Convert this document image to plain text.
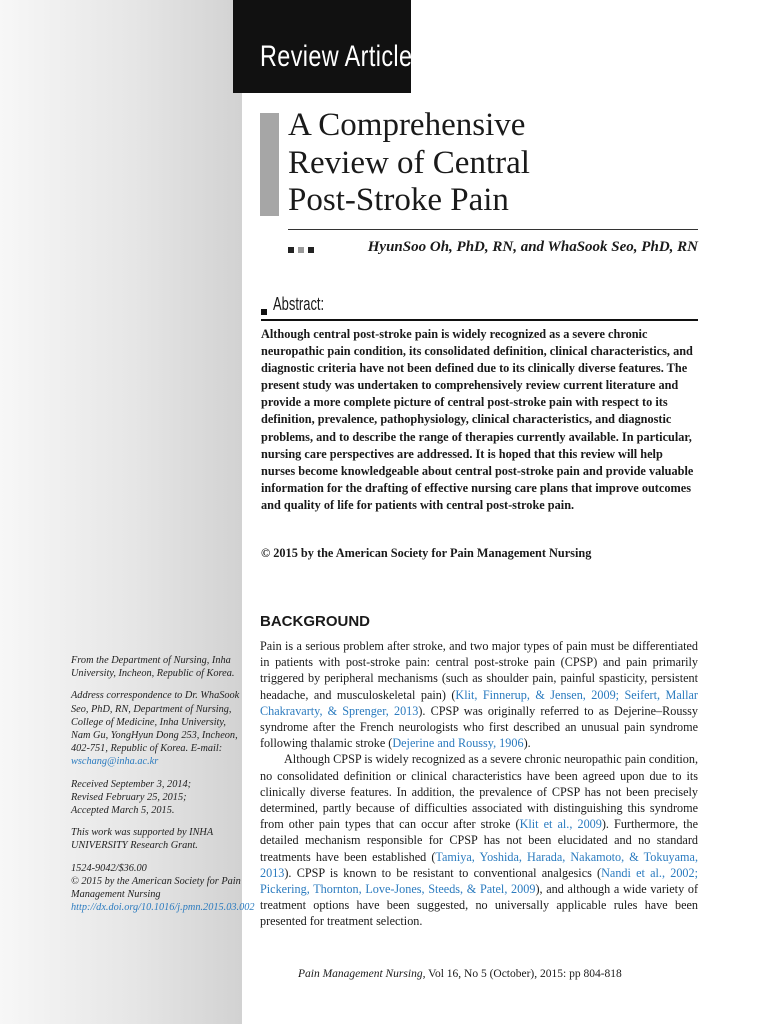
Review Article
A Comprehensive
Review of Central
Post-Stroke Pain
HyunSoo Oh, PhD, RN, and WhaSook Seo, PhD, RN
Abstract:

Although central post-stroke pain is widely recognized as a severe chronic neuropathic pain condition, its consolidated definition, clinical characteristics, and diagnostic criteria have not been defined due to its clinically diverse features. The present study was undertaken to comprehensively review current literature and provide a more complete picture of central post-stroke pain with respect to its definition, prevalence, pathophysiology, clinical characteristics, and diagnostic problems, and to describe the range of therapies currently available. In particular, nursing care perspectives are addressed. It is hoped that this review will help nurses become knowledgeable about central post-stroke pain and provide valuable information for the drafting of effective nursing care plans that improve outcomes and quality of life for patients with central post-stroke pain.

© 2015 by the American Society for Pain Management Nursing

BACKGROUND

Pain is a serious problem after stroke, and two major types of pain must be differentiated in patients with post-stroke pain: central post-stroke pain (CPSP) and pain primarily triggered by peripheral mechanisms (such as shoulder pain, painful spasticity, persistent headache, and musculoskeletal pain) (Klit, Finnerup, & Jensen, 2009; Seifert, Mallar Chakravarty, & Sprenger, 2013). CPSP was originally referred to as Dejerine–Roussy syndrome after the French neurologists who first described an unusual pain syndrome following thalamic stroke (Dejerine and Roussy, 1906).

Although CPSP is widely recognized as a severe chronic neuropathic pain condition, no consolidated definition or clinical characteristics have been agreed upon due to its clinically diverse features. In addition, the prevalence of CPSP has not been precisely determined, partly because of difficulties associated with distinguishing this syndrome from other pain types that can occur after stroke (Klit et al., 2009). Furthermore, the detailed mechanism responsible for CPSP has not been elucidated and no standard treatments have been established (Tamiya, Yoshida, Harada, Nakamoto, & Tokuyama, 2013). CPSP is known to be resistant to conventional analgesics (Nandi et al., 2002; Pickering, Thornton, Love-Jones, Steeds, & Patel, 2009), and although a wide variety of treatment options have been suggested, no universally applicable rules have been presented for treatment selection.

From the Department of Nursing, Inha University, Incheon, Republic of Korea.

Address correspondence to Dr. WhaSook Seo, PhD, RN, Department of Nursing, College of Medicine, Inha University, Nam Gu, YongHyun Dong 253, Incheon, 402-751, Republic of Korea. E-mail: wschang@inha.ac.kr

Received September 3, 2014;
Revised February 25, 2015;
Accepted March 5, 2015.

This work was supported by INHA UNIVERSITY Research Grant.

1524-9042/$36.00
© 2015 by the American Society for Pain Management Nursing
http://dx.doi.org/10.1016/j.pmn.2015.03.002

Pain Management Nursing, Vol 16, No 5 (October), 2015: pp 804-818
